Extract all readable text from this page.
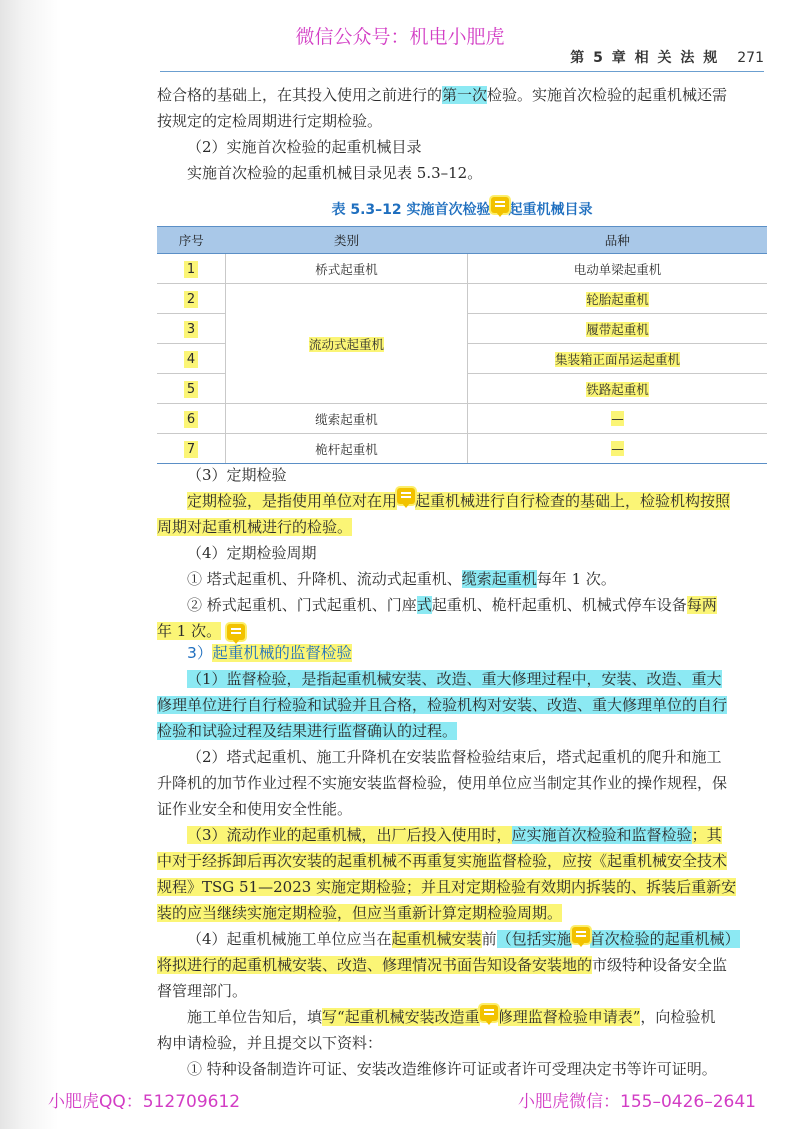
微信公众号：机电小肥虎
第 5 章 相 关 法 规 271

检合格的基础上，在其投入使用之前进行的第一次检验。实施首次检验的起重机械还需

按规定的定检周期进行定期检验。

（2）实施首次检验的起重机械目录

实施首次检验的起重机械目录见表 5.3–12。

表 5.3–12 实施首次检验 起重机械目录
序号	类别	品种
1	桥式起重机	电动单梁起重机
2	流动式起重机	轮胎起重机
3		履带起重机
4		集装箱正面吊运起重机
5		铁路起重机
6	缆索起重机	—
7	桅杆起重机	—

（3）定期检验

定期检验，是指使用单位对在用 起重机械进行自行检查的基础上，检验机构按照

周期对起重机械进行的检验。

（4）定期检验周期

① 塔式起重机、升降机、流动式起重机、缆索起重机每年 1 次。

② 桥式起重机、门式起重机、门座式起重机、桅杆起重机、机械式停车设备每两

年 1 次。

3）起重机械的监督检验

（1）监督检验，是指起重机械安装、改造、重大修理过程中，安装、改造、重大

修理单位进行自行检验和试验并且合格，检验机构对安装、改造、重大修理单位的自行

检验和试验过程及结果进行监督确认的过程。

（2）塔式起重机、施工升降机在安装监督检验结束后，塔式起重机的爬升和施工

升降机的加节作业过程不实施安装监督检验，使用单位应当制定其作业的操作规程，保

证作业安全和使用安全性能。

（3）流动作业的起重机械，出厂后投入使用时，应实施首次检验和监督检验；其

中对于经拆卸后再次安装的起重机械不再重复实施监督检验，应按《起重机械安全技术

规程》TSG 51—2023 实施定期检验；并且对定期检验有效期内拆装的、拆装后重新安

装的应当继续实施定期检验，但应当重新计算定期检验周期。

（4）起重机械施工单位应当在起重机械安装前（包括实施 首次检验的起重机械）

将拟进行的起重机械安装、改造、修理情况书面告知设备安装地的市级特种设备安全监

督管理部门。

施工单位告知后，填写“起重机械安装改造重 修理监督检验申请表”，向检验机

构申请检验，并且提交以下资料：

① 特种设备制造许可证、安装改造维修许可证或者许可受理决定书等许可证明。

小肥虎QQ：512709612	小肥虎微信：155–0426–2641
